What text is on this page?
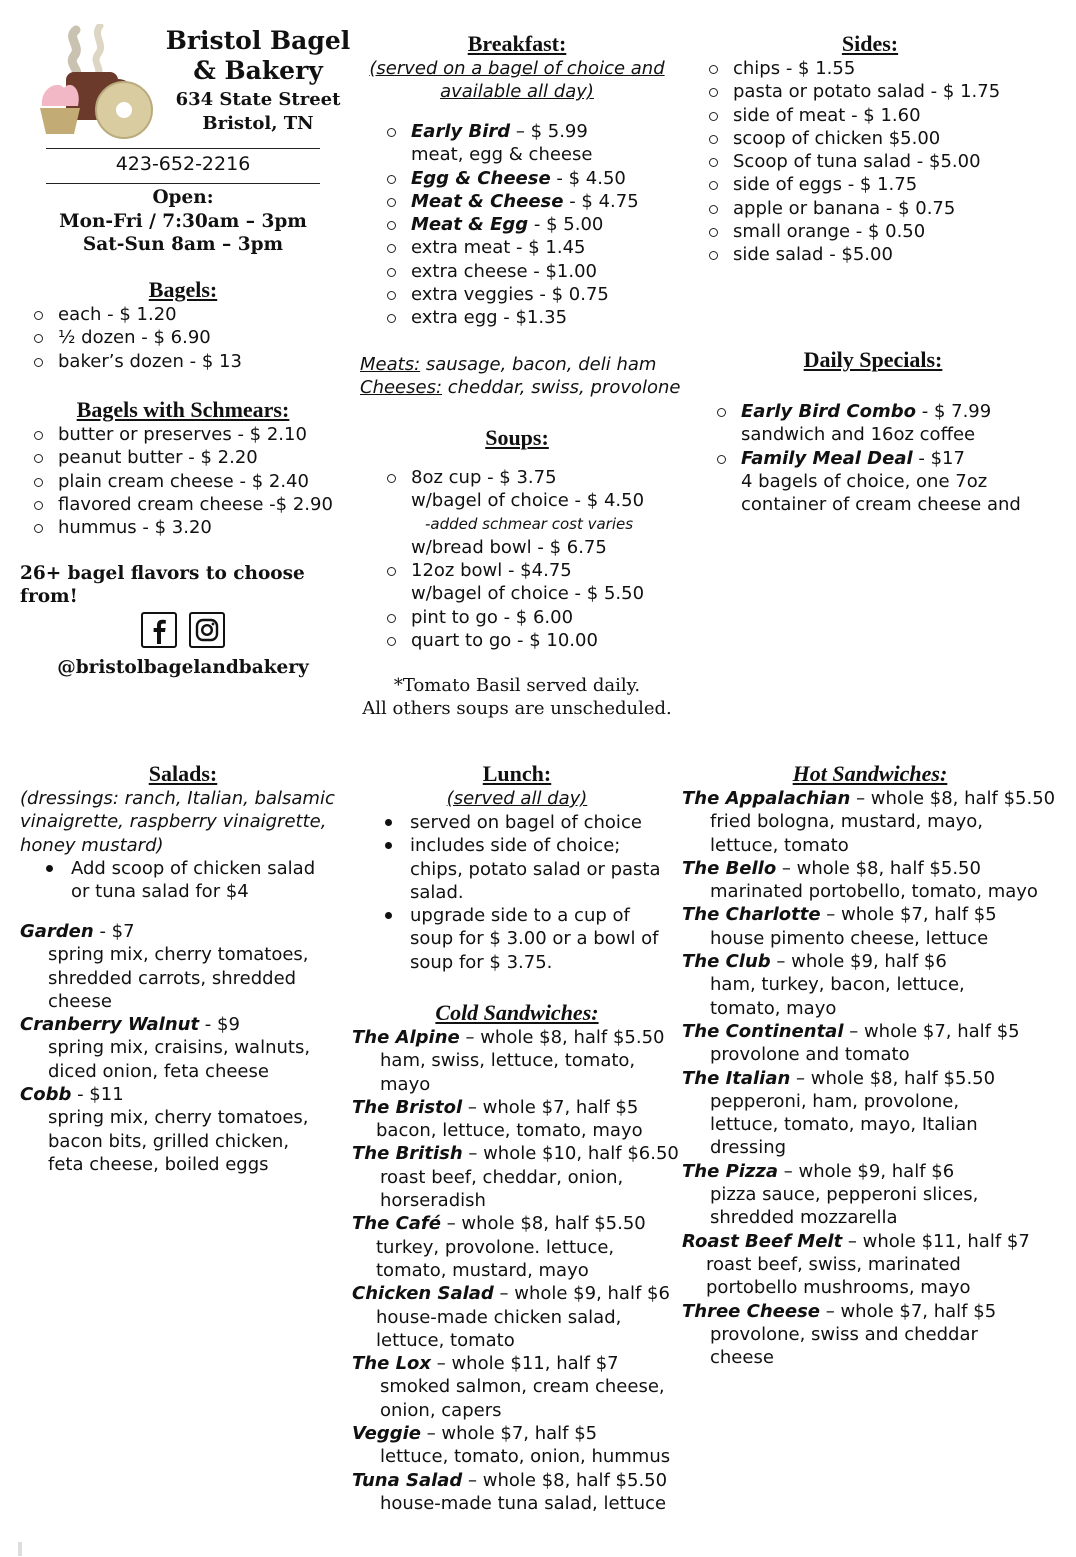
Bristol Bagel
& Bakery
634 State Street
Bristol, TN
423-652-2216
Open:
Mon-Fri / 7:30am – 3pm
Sat-Sun 8am – 3pm
Bagels:
each - $ 1.20
½ dozen - $ 6.90
baker’s dozen - $ 13
Bagels with Schmears:
butter or preserves - $ 2.10
peanut butter - $ 2.20
plain cream cheese - $ 2.40
flavored cream cheese -$ 2.90
hummus - $ 3.20
26+ bagel flavors to choose from!
@bristolbagelandbakery
Breakfast:
(served on a bagel of choice and
available all day)
Early Bird – $ 5.99
meat, egg & cheese
Egg & Cheese - $ 4.50
Meat & Cheese - $ 4.75
Meat & Egg - $ 5.00
extra meat - $ 1.45
extra cheese - $1.00
extra veggies - $ 0.75
extra egg - $1.35
Meats: sausage, bacon, deli ham
Cheeses: cheddar, swiss, provolone
Soups:
8oz cup - $ 3.75
w/bagel of choice - $ 4.50
-added schmear cost varies
w/bread bowl - $ 6.75
12oz bowl - $4.75
w/bagel of choice - $ 5.50
pint to go - $ 6.00
quart to go - $ 10.00
*Tomato Basil served daily.
All others soups are unscheduled.
Sides:
chips - $ 1.55
pasta or potato salad - $ 1.75
side of meat - $ 1.60
scoop of chicken $5.00
Scoop of tuna salad - $5.00
side of eggs - $ 1.75
apple or banana - $ 0.75
small orange - $ 0.50
side salad - $5.00
Daily Specials:
Early Bird Combo - $ 7.99
sandwich and 16oz coffee
Family Meal Deal - $17
4 bagels of choice, one 7oz
container of cream cheese and
Salads:
(dressings: ranch, Italian, balsamic
vinaigrette, raspberry vinaigrette,
honey mustard)
Add scoop of chicken salad
or tuna salad for $4
Garden - $7
spring mix, cherry tomatoes,
shredded carrots, shredded
cheese
Cranberry Walnut - $9
spring mix, craisins, walnuts,
diced onion, feta cheese
Cobb - $11
spring mix, cherry tomatoes,
bacon bits, grilled chicken,
feta cheese, boiled eggs
Lunch:
(served all day)
served on bagel of choice
includes side of choice;
chips, potato salad or pasta
salad.
upgrade side to a cup of
soup for $ 3.00 or a bowl of
soup for $ 3.75.
Cold Sandwiches:
The Alpine – whole $8, half $5.50
ham, swiss, lettuce, tomato,
mayo
The Bristol – whole $7, half $5
bacon, lettuce, tomato, mayo
The British – whole $10, half $6.50
roast beef, cheddar, onion,
horseradish
The Café – whole $8, half $5.50
turkey, provolone. lettuce,
tomato, mustard, mayo
Chicken Salad – whole $9, half $6
house-made chicken salad,
lettuce, tomato
The Lox – whole $11, half $7
smoked salmon, cream cheese,
onion, capers
Veggie – whole $7, half $5
lettuce, tomato, onion, hummus
Tuna Salad – whole $8, half $5.50
house-made tuna salad, lettuce
Hot Sandwiches:
The Appalachian – whole $8, half $5.50
fried bologna, mustard, mayo,
lettuce, tomato
The Bello – whole $8, half $5.50
marinated portobello, tomato, mayo
The Charlotte – whole $7, half $5
house pimento cheese, lettuce
The Club – whole $9, half $6
ham, turkey, bacon, lettuce,
tomato, mayo
The Continental – whole $7, half $5
provolone and tomato
The Italian – whole $8, half $5.50
pepperoni, ham, provolone,
lettuce, tomato, mayo, Italian
dressing
The Pizza – whole $9, half $6
pizza sauce, pepperoni slices,
shredded mozzarella
Roast Beef Melt – whole $11, half $7
roast beef, swiss, marinated
portobello mushrooms, mayo
Three Cheese – whole $7, half $5
provolone, swiss and cheddar
cheese
